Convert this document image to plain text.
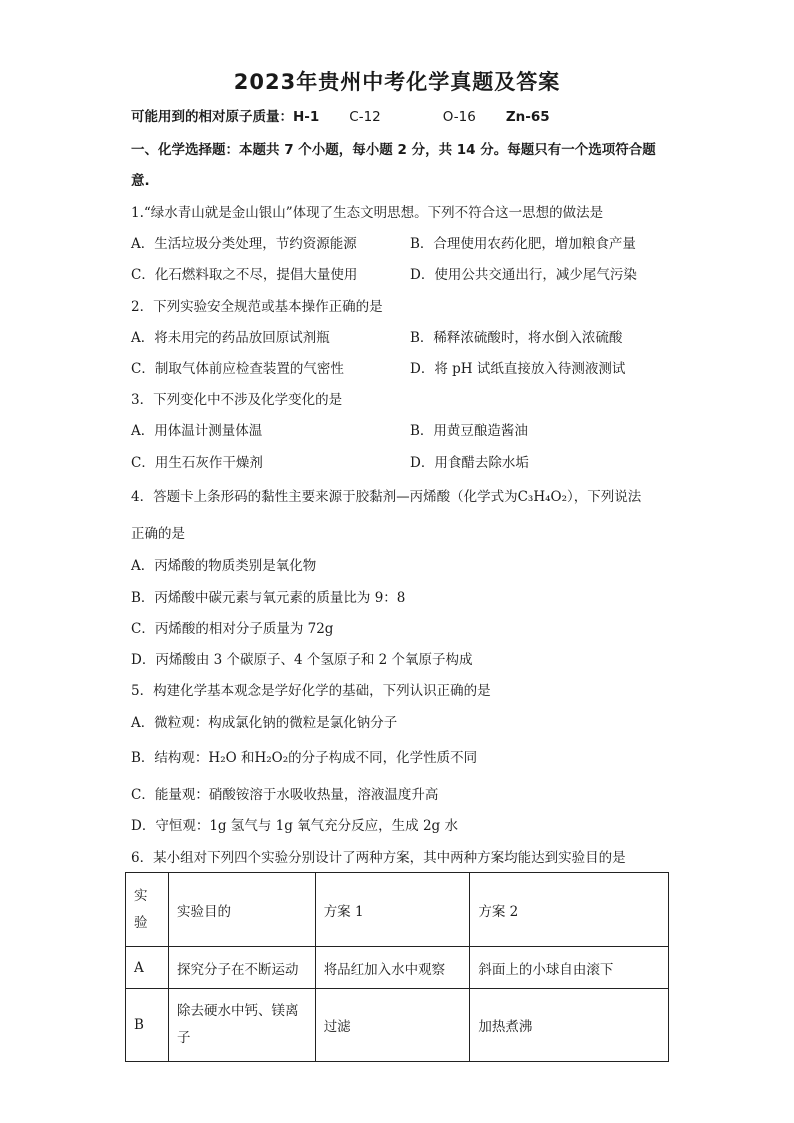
2023年贵州中考化学真题及答案
可能用到的相对原子质量：H-1 C-12	O-16 Zn-65
一、化学选择题：本题共 7 个小题，每小题 2 分，共 14 分。每题只有一个选项符合题
意.
1.“绿水青山就是金山银山”体现了生态文明思想。下列不符合这一思想的做法是
A．生活垃圾分类处理，节约资源能源	B．合理使用农药化肥，增加粮食产量
C．化石燃料取之不尽，提倡大量使用	D．使用公共交通出行，减少尾气污染
2．下列实验安全规范或基本操作正确的是
A．将未用完的药品放回原试剂瓶	B．稀释浓硫酸时，将水倒入浓硫酸
C．制取气体前应检查装置的气密性	D．将 pH 试纸直接放入待测液测试
3．下列变化中不涉及化学变化的是
A．用体温计测量体温	B．用黄豆酿造酱油
C．用生石灰作干燥剂	D．用食醋去除水垢
4．答题卡上条形码的黏性主要来源于胶黏剂—丙烯酸（化学式为C₃H₄O₂），下列说法
正确的是
A．丙烯酸的物质类别是氧化物
B．丙烯酸中碳元素与氧元素的质量比为 9：8
C．丙烯酸的相对分子质量为 72g
D．丙烯酸由 3 个碳原子、4 个氢原子和 2 个氧原子构成
5．构建化学基本观念是学好化学的基础，下列认识正确的是
A．微粒观：构成氯化钠的微粒是氯化钠分子
B．结构观：H₂O 和H₂O₂的分子构成不同，化学性质不同
C．能量观：硝酸铵溶于水吸收热量，溶液温度升高
D．守恒观：1g 氢气与 1g 氧气充分反应，生成 2g 水
6．某小组对下列四个实验分别设计了两种方案，其中两种方案均能达到实验目的是
实
验	实验目的	方案 1	方案 2
A	探究分子在不断运动	将品红加入水中观察	斜面上的小球自由滚下
B	除去硬水中钙、镁离
子	过滤	加热煮沸
